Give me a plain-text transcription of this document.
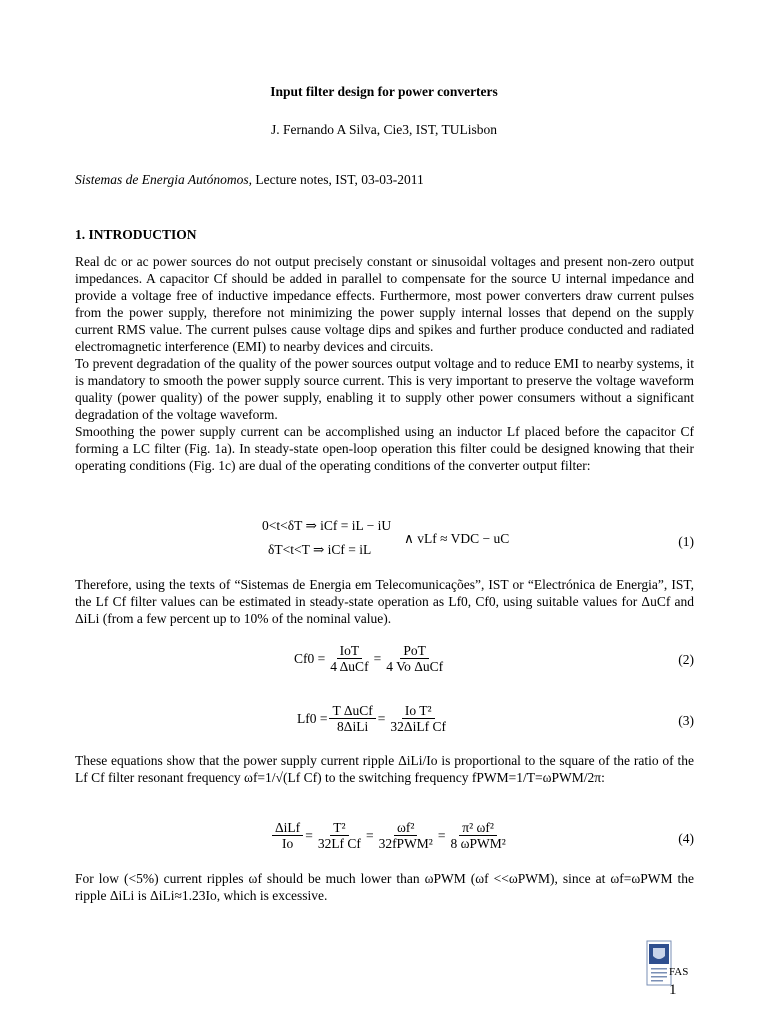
Input filter design for power converters
J. Fernando A Silva, Cie3, IST, TULisbon
Sistemas de Energia Autónomos, Lecture notes, IST, 03-03-2011
1. INTRODUCTION
Real dc or ac power sources do not output precisely constant or sinusoidal voltages and present non-zero output impedances. A capacitor Cf should be added in parallel to compensate for the source U internal impedance and provide a voltage free of inductive impedance effects. Furthermore, most power converters draw current pulses from the power supply, therefore not minimizing the power supply internal losses that depend on the supply current RMS value. The current pulses cause voltage dips and spikes and further produce conducted and radiated electromagnetic interference (EMI) to nearby devices and circuits.
To prevent degradation of the quality of the power sources output voltage and to reduce EMI to nearby systems, it is mandatory to smooth the power supply source current. This is very important to preserve the voltage waveform quality (power quality) of the power supply, enabling it to supply other power consumers without a significant degradation of the voltage waveform.
Smoothing the power supply current can be accomplished using an inductor Lf placed before the capacitor Cf forming a LC filter (Fig. 1a). In steady-state open-loop operation this filter could be designed knowing that their operating conditions (Fig. 1c) are dual of the operating conditions of the converter output filter:
0<t<δT ⇒ iCf = iL − iU
∧ vLf ≈ VDC − uC
δT<t<T ⇒ iCf = iL
(1)
Therefore, using the texts of “Sistemas de Energia em Telecomunicações”, IST or “Electrónica de Energia”, IST, the Lf Cf filter values can be estimated in steady-state operation as Lf0, Cf0, using suitable values for ΔuCf and ΔiLi (from a few percent up to 10% of the nominal value).
$Cf0 = \frac{\text{IoT}}{\text{4 ΔuCf}} = \frac{\text{PoT}}{\text{4 Vo ΔuCf}}$	(2)
$Lf0 = \frac{\text{T ΔuCf}}{\text{8ΔiLi}} = \frac{\text{Io T²}}{\text{32ΔiLf Cf}}$	(3)
These equations show that the power supply current ripple ΔiLi/Io is proportional to the square of the ratio of the Lf Cf filter resonant frequency ωf=1/√(Lf Cf) to the switching frequency fPWM=1/T=ωPWM/2π:
$\frac{\text{ΔiLf}}{Io} = \frac{\text{T²}}{\text{32Lf Cf}} = \frac{\text{ωf²}}{\text{32fPWM²}} = \frac{\text{π² ωf²}}{\text{8 ωPWM²}}$	(4)
For low (<5%) current ripples ωf should be much lower than ωPWM (ωf <<ωPWM), since at ωf=ωPWM the ripple ΔiLi is ΔiLi≈1.23Io, which is excessive.
FAS
1
